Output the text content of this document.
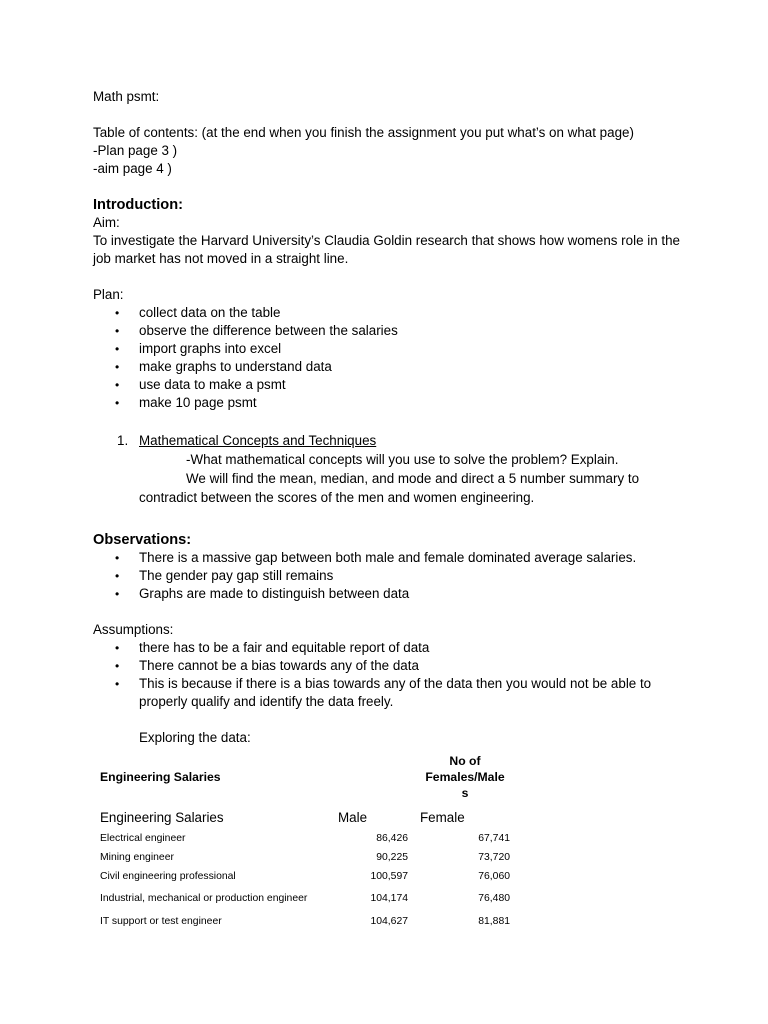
Math psmt:

Table of contents: (at the end when you finish the assignment you put what’s on what page)

-Plan page 3 )

-aim page 4 )

Introduction:

Aim:

To investigate the Harvard University’s Claudia Goldin research that shows how womens role in the job market has not moved in a straight line.

Plan:

• collect data on the table
• observe the difference between the salaries
• import graphs into excel
• make graphs to understand data
• use data to make a psmt
• make 10 page psmt
1. Mathematical Concepts and Techniques

-What mathematical concepts will you use to solve the problem? Explain.

We will find the mean, median, and mode and direct a 5 number summary to

contradict between the scores of the men and women engineering.

Observations:

• There is a massive gap between both male and female dominated average salaries.
• The gender pay gap still remains
• Graphs are made to distinguish between data

Assumptions:

• there has to be a fair and equitable report of data
• There cannot be a bias towards any of the data
• This is because if there is a bias towards any of the data then you would not be able to properly qualify and identify the data freely.

Exploring the data:

Engineering Salaries		No of
Females/Male
s

Engineering Salaries	Male	Female
Electrical engineer	86,426	67,741
Mining engineer	90,225	73,720
Civil engineering professional	100,597	76,060
Industrial, mechanical or production engineer	104,174	76,480
IT support or test engineer	104,627	81,881
